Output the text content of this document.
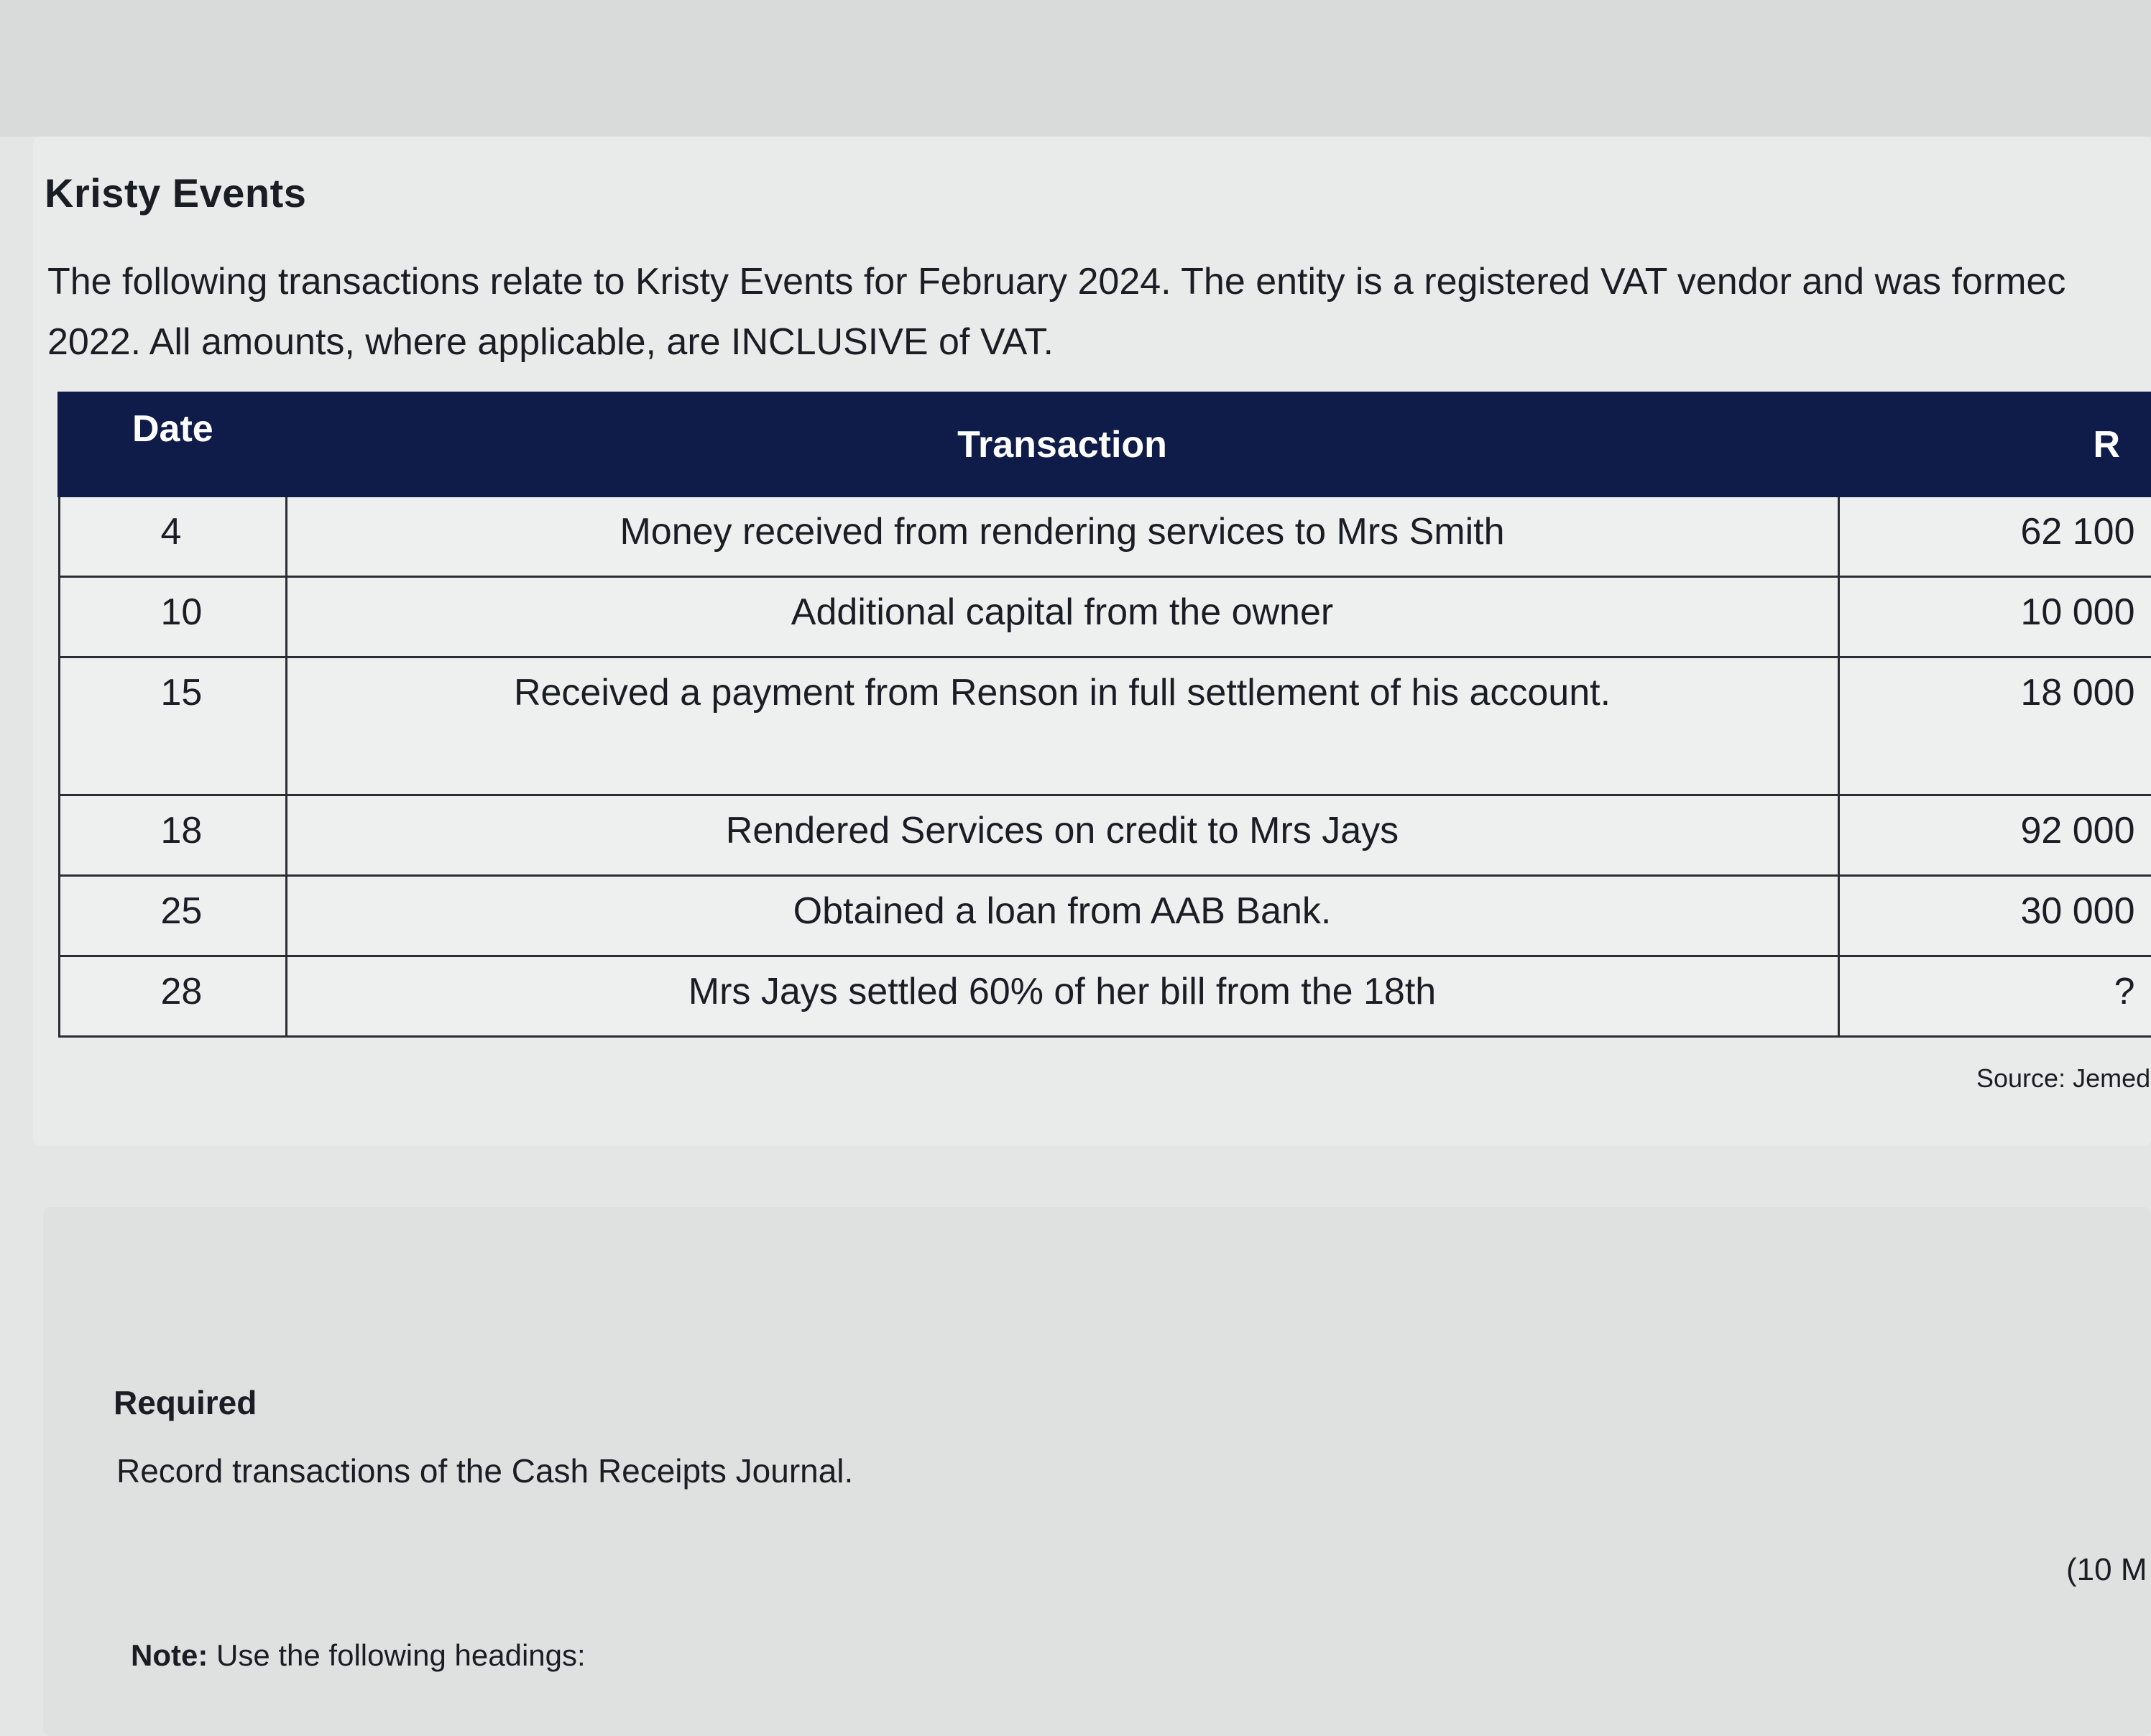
Kristy Events

The following transactions relate to Kristy Events for February 2024. The entity is a registered VAT vendor and was formec

2022. All amounts, where applicable, are INCLUSIVE of VAT.

Date	Transaction	R
4	Money received from rendering services to Mrs Smith	62 100
10	Additional capital from the owner	10 000
15	Received a payment from Renson in full settlement of his account.	18 000
18	Rendered Services on credit to Mrs Jays	92 000
25	Obtained a loan from AAB Bank.	30 000
28	Mrs Jays settled 60% of her bill from the 18th	?
Source: Jemed
Required
Record transactions of the Cash Receipts Journal.
(10 M
Note: Use the following headings:
